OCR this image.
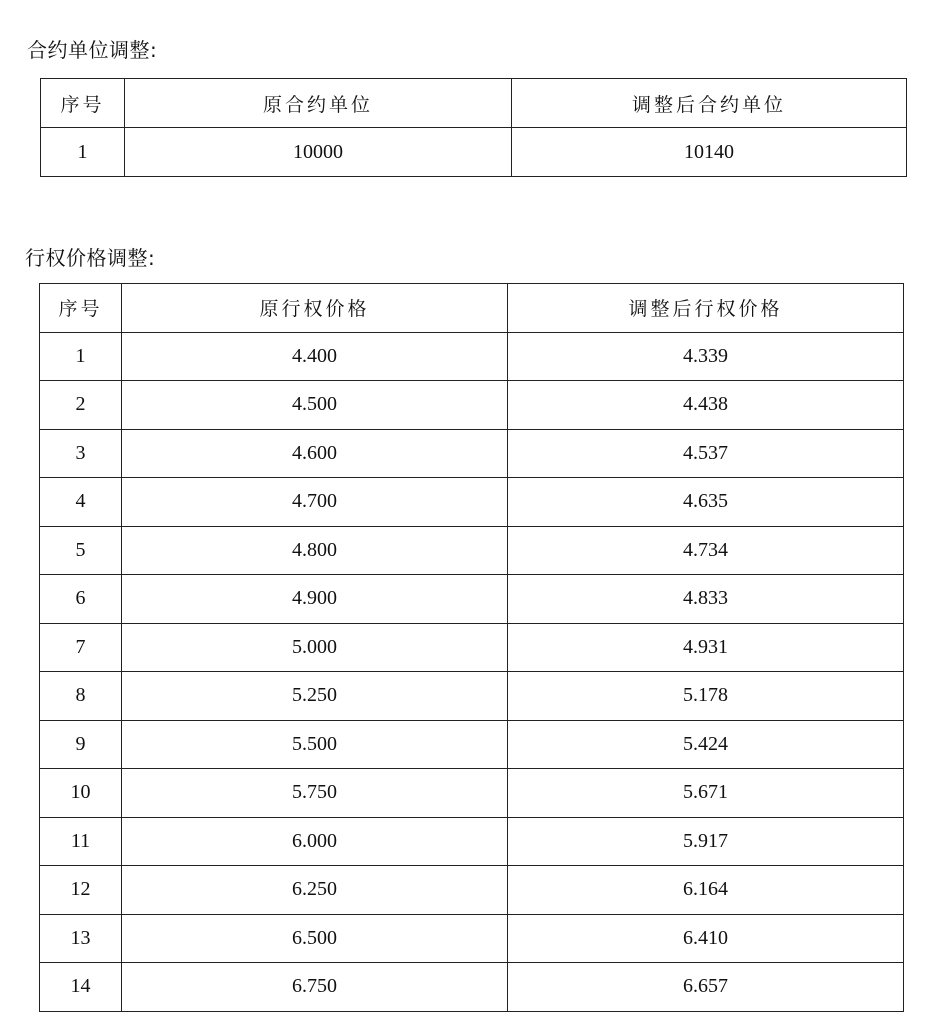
合约单位调整:
序号	原合约单位	调整后合约单位
1	10000	10140
行权价格调整:
序号	原行权价格	调整后行权价格
1	4.400	4.339
2	4.500	4.438
3	4.600	4.537
4	4.700	4.635
5	4.800	4.734
6	4.900	4.833
7	5.000	4.931
8	5.250	5.178
9	5.500	5.424
10	5.750	5.671
11	6.000	5.917
12	6.250	6.164
13	6.500	6.410
14	6.750	6.657
